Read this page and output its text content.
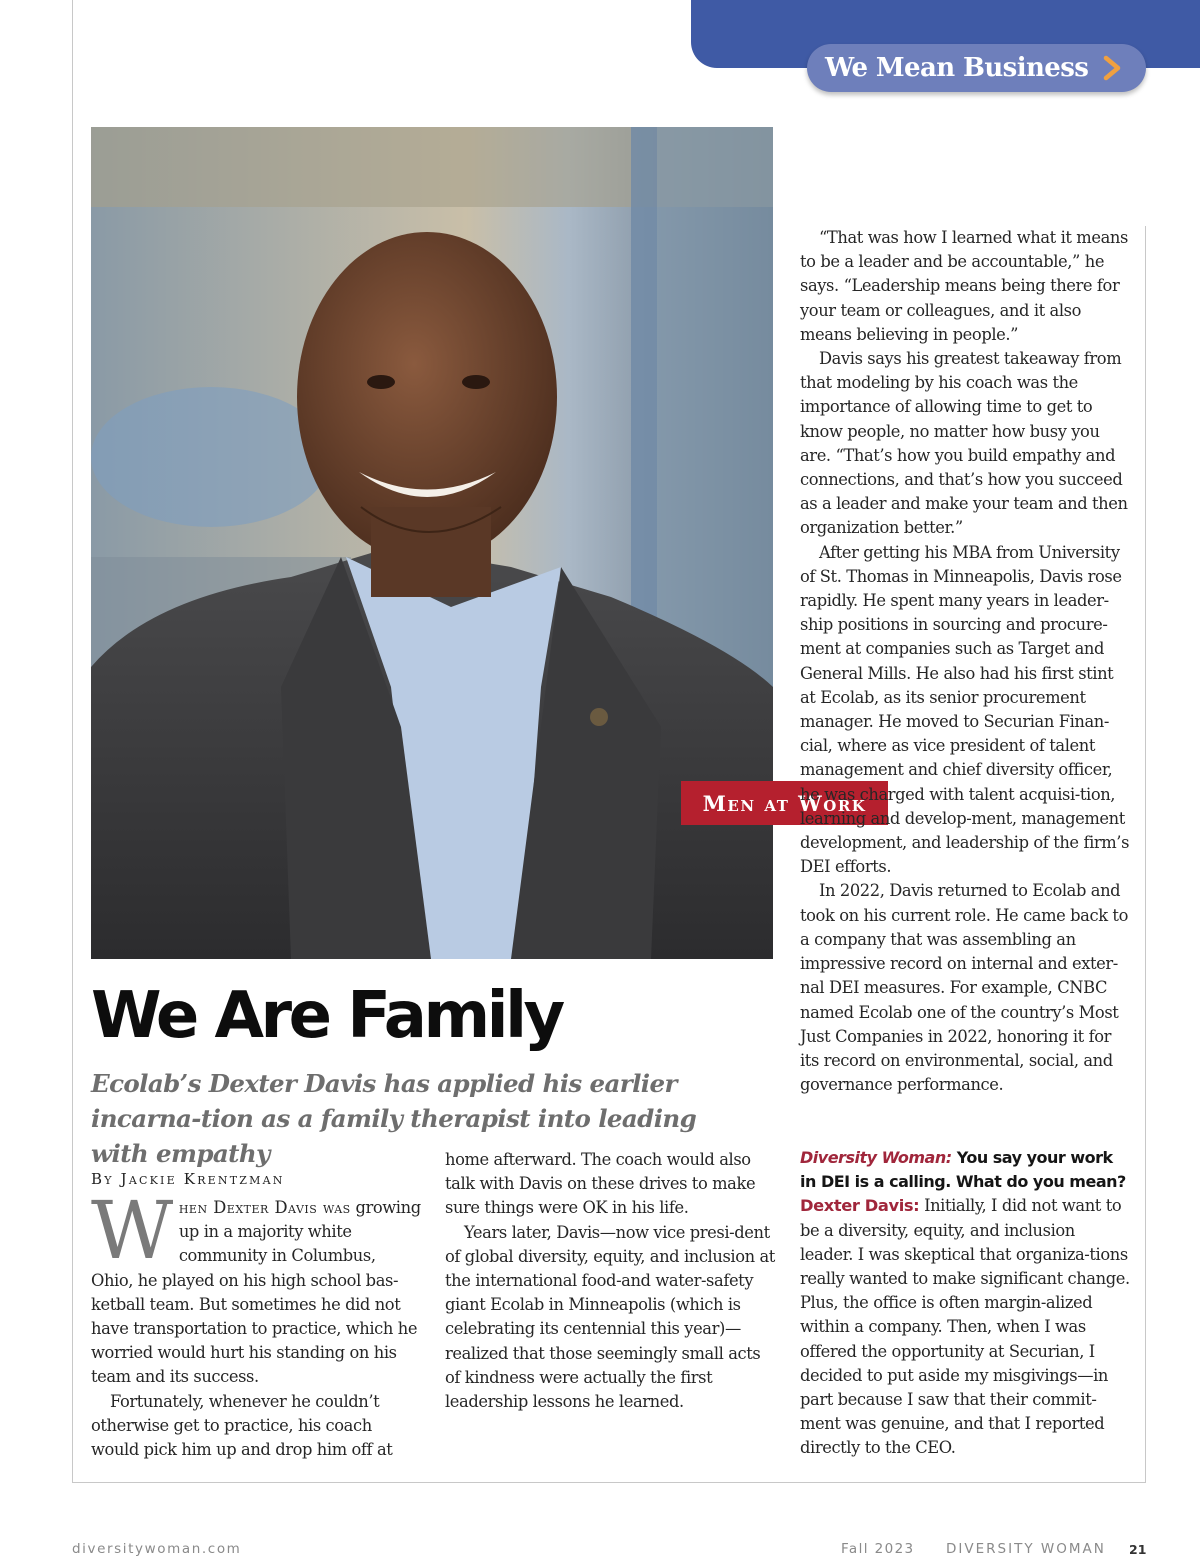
We Mean Business
Men at Work
We Are Family

Ecolab’s Dexter Davis has applied his earlier incarna-tion as a family therapist into leading with empathy

By Jackie Krentzman

When Dexter Davis was growing up in a majority white community in Columbus, Ohio, he played on his high school bas-ketball team. But sometimes he did not have transportation to practice, which he worried would hurt his standing on his team and its success.

Fortunately, whenever he couldn’t otherwise get to practice, his coach would pick him up and drop him off at

home afterward. The coach would also talk with Davis on these drives to make sure things were OK in his life.

Years later, Davis—now vice presi-dent of global diversity, equity, and inclusion at the international food-and water-safety giant Ecolab in Minneapolis (which is celebrating its centennial this year)—realized that those seemingly small acts of kindness were actually the first leadership lessons he learned.

“That was how I learned what it means to be a leader and be accountable,” he says. “Leadership means being there for your team or colleagues, and it also means believing in people.”

Davis says his greatest takeaway from that modeling by his coach was the importance of allowing time to get to know people, no matter how busy you are. “That’s how you build empathy and connections, and that’s how you succeed as a leader and make your team and then organization better.”

After getting his MBA from University of St. Thomas in Minneapolis, Davis rose rapidly. He spent many years in leader-ship positions in sourcing and procure-ment at companies such as Target and General Mills. He also had his first stint at Ecolab, as its senior procurement manager. He moved to Securian Finan-cial, where as vice president of talent management and chief diversity officer, he was charged with talent acquisi-tion, learning and develop-ment, management development, and leadership of the firm’s DEI efforts.

In 2022, Davis returned to Ecolab and took on his current role. He came back to a company that was assembling an impressive record on internal and exter-nal DEI measures. For example, CNBC named Ecolab one of the country’s Most Just Companies in 2022, honoring it for its record on environmental, social, and governance performance.

Diversity Woman: You say your work in DEI is a calling. What do you mean?

Dexter Davis: Initially, I did not want to be a diversity, equity, and inclusion leader. I was skeptical that organiza-tions really wanted to make significant change. Plus, the office is often margin-alized within a company. Then, when I was offered the opportunity at Securian, I decided to put aside my misgivings—in part because I saw that their commit-ment was genuine, and that I reported directly to the CEO.

diversitywoman.com	Fall 2023 DIVERSITY WOMAN 21
